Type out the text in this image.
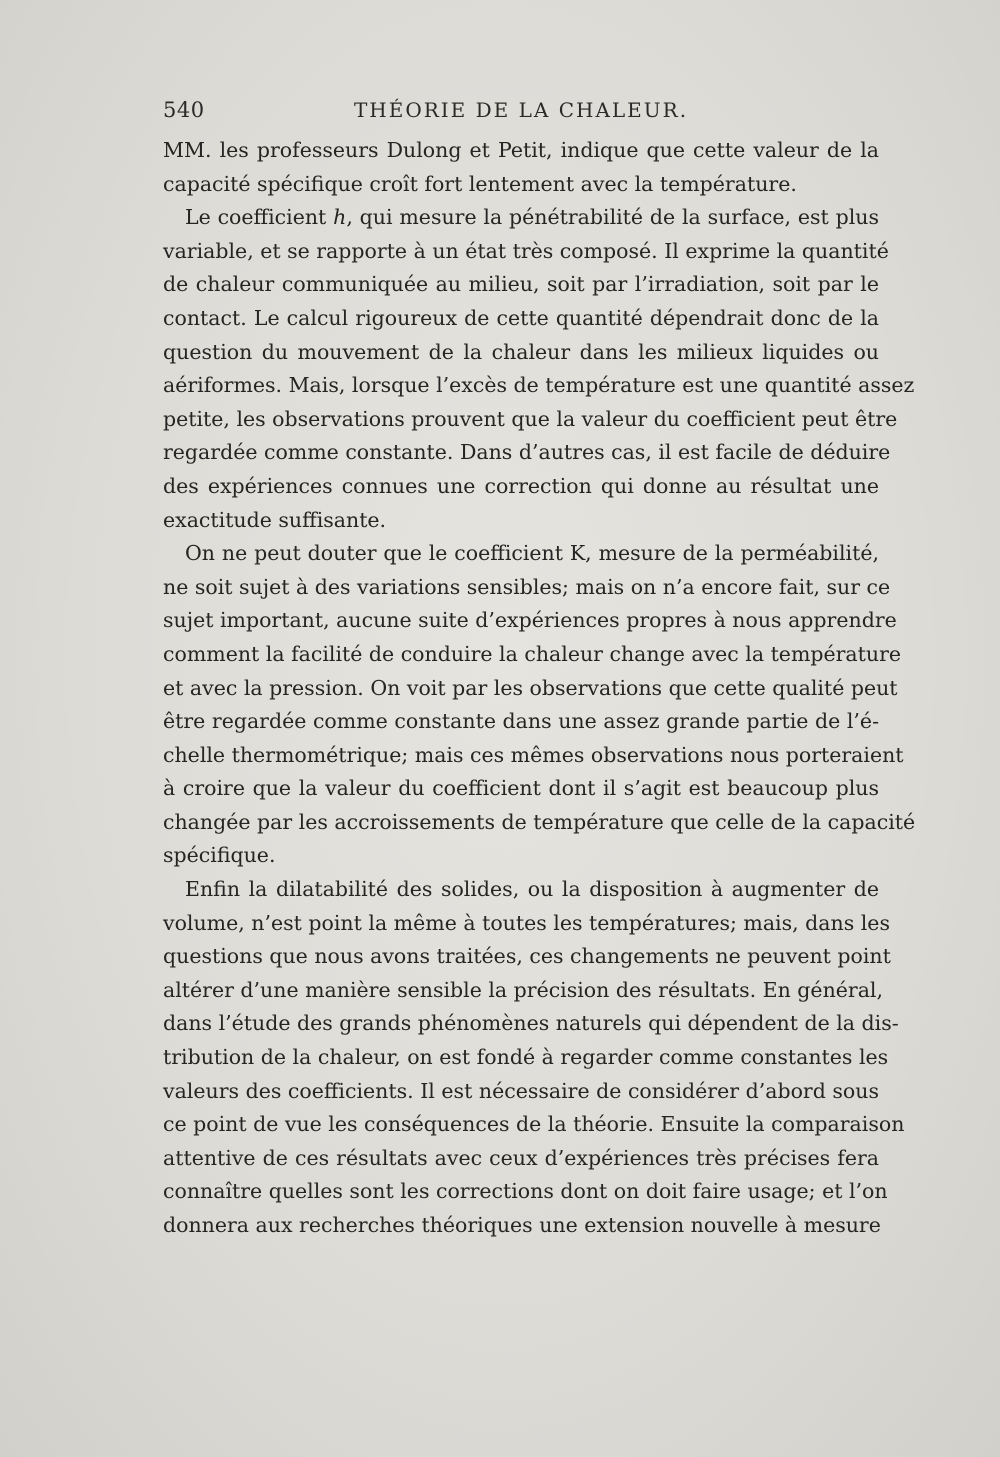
540	THÉORIE DE LA CHALEUR.
MM. les professeurs Dulong et Petit, indique que cette valeur de la
capacité spécifique croît fort lentement avec la température.
Le coefficient h, qui mesure la pénétrabilité de la surface, est plus
variable, et se rapporte à un état très composé. Il exprime la quantité
de chaleur communiquée au milieu, soit par l’irradiation, soit par le
contact. Le calcul rigoureux de cette quantité dépendrait donc de la
question du mouvement de la chaleur dans les milieux liquides ou
aériformes. Mais, lorsque l’excès de température est une quantité assez
petite, les observations prouvent que la valeur du coefficient peut être
regardée comme constante. Dans d’autres cas, il est facile de déduire
des expériences connues une correction qui donne au résultat une
exactitude suffisante.
On ne peut douter que le coefficient K, mesure de la perméabilité,
ne soit sujet à des variations sensibles; mais on n’a encore fait, sur ce
sujet important, aucune suite d’expériences propres à nous apprendre
comment la facilité de conduire la chaleur change avec la température
et avec la pression. On voit par les observations que cette qualité peut
être regardée comme constante dans une assez grande partie de l’é-
chelle thermométrique; mais ces mêmes observations nous porteraient
à croire que la valeur du coefficient dont il s’agit est beaucoup plus
changée par les accroissements de température que celle de la capacité
spécifique.
Enfin la dilatabilité des solides, ou la disposition à augmenter de
volume, n’est point la même à toutes les températures; mais, dans les
questions que nous avons traitées, ces changements ne peuvent point
altérer d’une manière sensible la précision des résultats. En général,
dans l’étude des grands phénomènes naturels qui dépendent de la dis-
tribution de la chaleur, on est fondé à regarder comme constantes les
valeurs des coefficients. Il est nécessaire de considérer d’abord sous
ce point de vue les conséquences de la théorie. Ensuite la comparaison
attentive de ces résultats avec ceux d’expériences très précises fera
connaître quelles sont les corrections dont on doit faire usage; et l’on
donnera aux recherches théoriques une extension nouvelle à mesure
